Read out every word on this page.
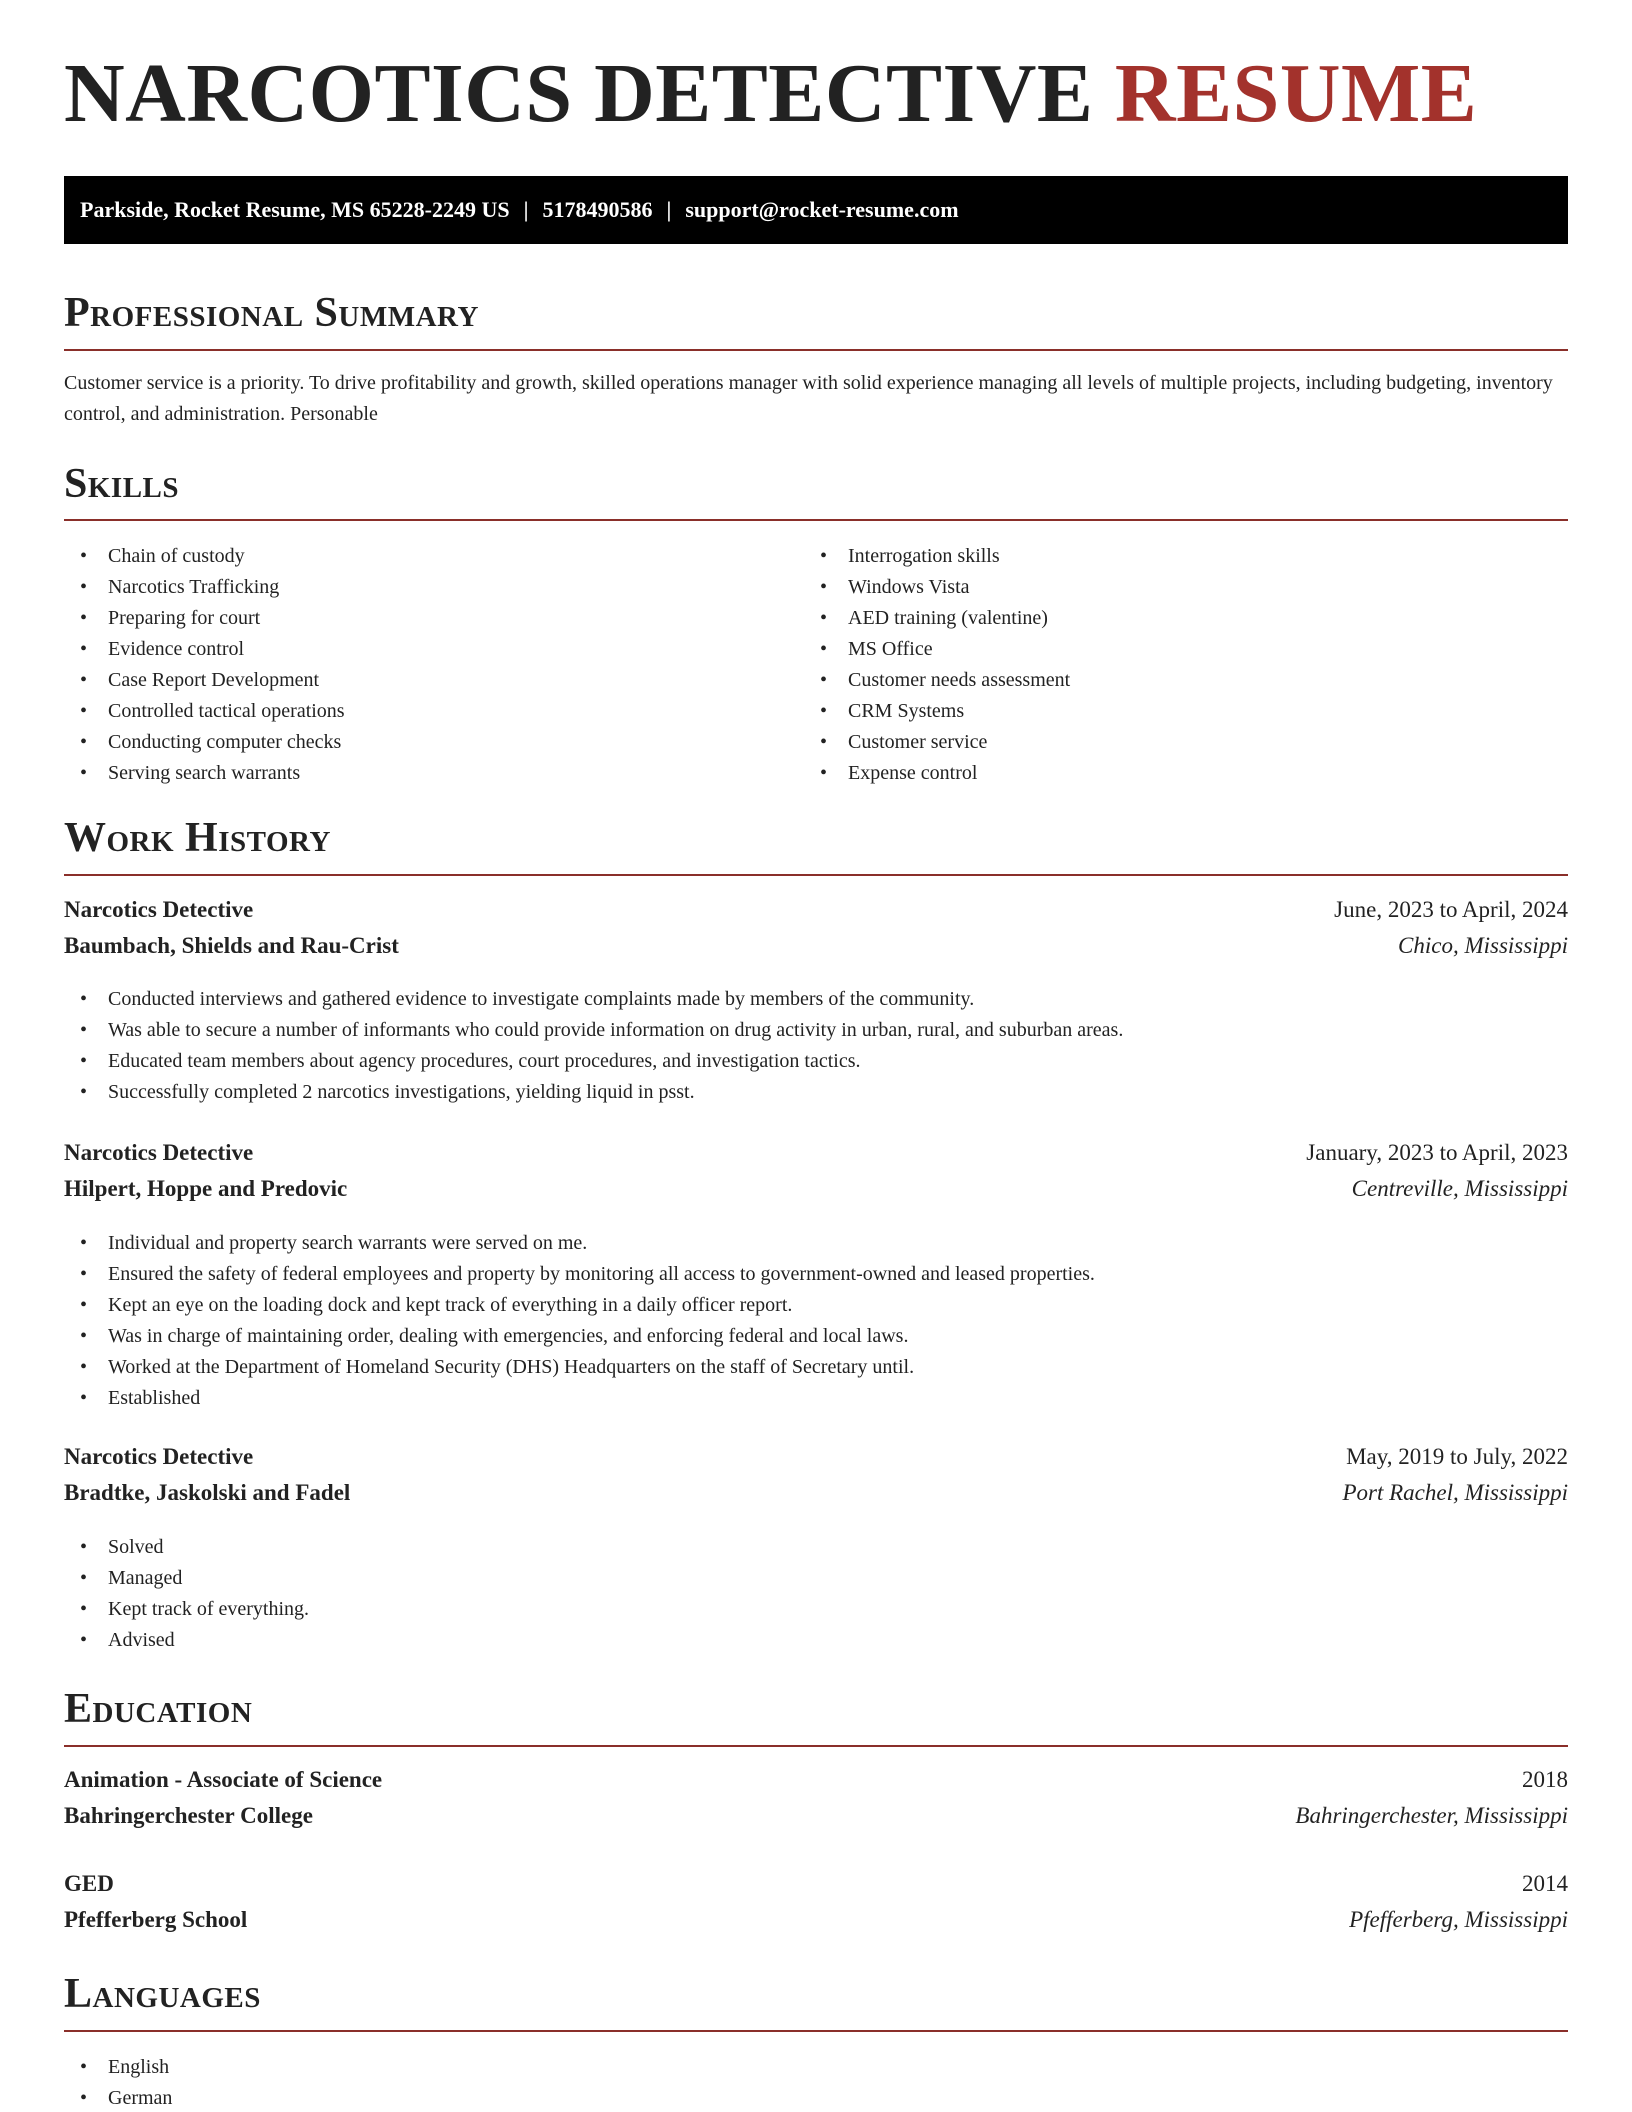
NARCOTICS DETECTIVE RESUME
Parkside, Rocket Resume, MS 65228-2249 US | 5178490586 | support@rocket-resume.com
Professional Summary

Customer service is a priority. To drive profitability and growth, skilled operations manager with solid experience managing all levels of multiple projects, including budgeting, inventory control, and administration. Personable

Skills
• Chain of custody
• Narcotics Trafficking
• Preparing for court
• Evidence control
• Case Report Development
• Controlled tactical operations
• Conducting computer checks
• Serving search warrants
• Interrogation skills
• Windows Vista
• AED training (valentine)
• MS Office
• Customer needs assessment
• CRM Systems
• Customer service
• Expense control
Work History
Narcotics Detective	June, 2023 to April, 2024
Baumbach, Shields and Rau-Crist	Chico, Mississippi
• Conducted interviews and gathered evidence to investigate complaints made by members of the community.
• Was able to secure a number of informants who could provide information on drug activity in urban, rural, and suburban areas.
• Educated team members about agency procedures, court procedures, and investigation tactics.
• Successfully completed 2 narcotics investigations, yielding liquid in psst.
Narcotics Detective	January, 2023 to April, 2023
Hilpert, Hoppe and Predovic	Centreville, Mississippi
• Individual and property search warrants were served on me.
• Ensured the safety of federal employees and property by monitoring all access to government-owned and leased properties.
• Kept an eye on the loading dock and kept track of everything in a daily officer report.
• Was in charge of maintaining order, dealing with emergencies, and enforcing federal and local laws.
• Worked at the Department of Homeland Security (DHS) Headquarters on the staff of Secretary until.
• Established
Narcotics Detective	May, 2019 to July, 2022
Bradtke, Jaskolski and Fadel	Port Rachel, Mississippi
• Solved
• Managed
• Kept track of everything.
• Advised
Education
Animation - Associate of Science	2018
Bahringerchester College	Bahringerchester, Mississippi
GED	2014
Pfefferberg School	Pfefferberg, Mississippi
Languages
• English
• German
